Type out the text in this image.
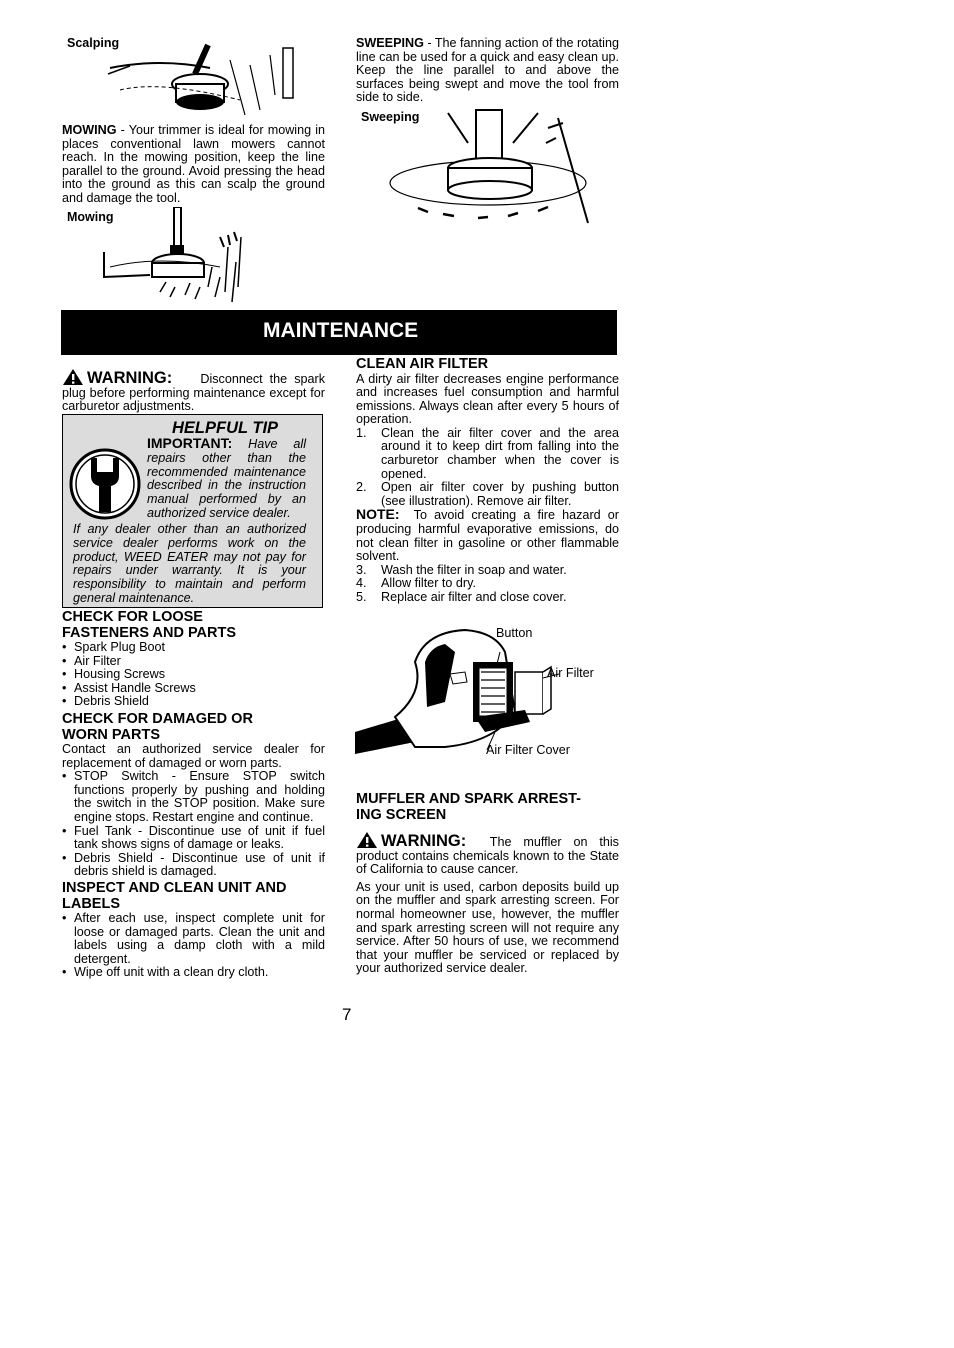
Scalping
MOWING - Your trimmer is ideal for mowing in places conventional lawn mowers cannot reach. In the mowing position, keep the line parallel to the ground. Avoid pressing the head into the ground as this can scalp the ground and damage the tool.
Mowing
SWEEPING - The fanning action of the rotating line can be used for a quick and easy clean up. Keep the line parallel to and above the surfaces being swept and move the tool from side to side.
Sweeping
MAINTENANCE
WARNING: Disconnect the spark plug before performing maintenance except for carburetor adjustments.
HELPFUL TIP
IMPORTANT: Have all repairs other than the recommended maintenance described in the instruction manual performed by an authorized service dealer.
If any dealer other than an authorized service dealer performs work on the product, WEED EATER may not pay for repairs under warranty. It is your responsibility to maintain and perform general maintenance.

CHECK FOR LOOSE

FASTENERS AND PARTS

• Spark Plug Boot
• Air Filter
• Housing Screws
• Assist Handle Screws
• Debris Shield

CHECK FOR DAMAGED OR

WORN PARTS

Contact an authorized service dealer for replacement of damaged or worn parts.

• STOP Switch - Ensure STOP switch functions properly by pushing and holding the switch in the STOP position. Make sure engine stops. Restart engine and continue.
• Fuel Tank - Discontinue use of unit if fuel tank shows signs of damage or leaks.
• Debris Shield - Discontinue use of unit if debris shield is damaged.

INSPECT AND CLEAN UNIT AND

LABELS

• After each use, inspect complete unit for loose or damaged parts. Clean the unit and labels using a damp cloth with a mild detergent.
• Wipe off unit with a clean dry cloth.

CLEAN AIR FILTER

A dirty air filter decreases engine performance and increases fuel consumption and harmful emissions. Always clean after every 5 hours of operation.

1. Clean the air filter cover and the area around it to keep dirt from falling into the carburetor chamber when the cover is opened.
2. Open air filter cover by pushing button (see illustration). Remove air filter.

NOTE: To avoid creating a fire hazard or producing harmful evaporative emissions, do not clean filter in gasoline or other flammable solvent.

3. Wash the filter in soap and water.
4. Allow filter to dry.
5. Replace air filter and close cover.
Button
Air Filter
Air Filter Cover

MUFFLER AND SPARK ARREST-

ING SCREEN

WARNING: The muffler on this product contains chemicals known to the State of California to cause cancer.

As your unit is used, carbon deposits build up on the muffler and spark arresting screen. For normal homeowner use, however, the muffler and spark arresting screen will not require any service. After 50 hours of use, we recommend that your muffler be serviced or replaced by your authorized service dealer.

7
